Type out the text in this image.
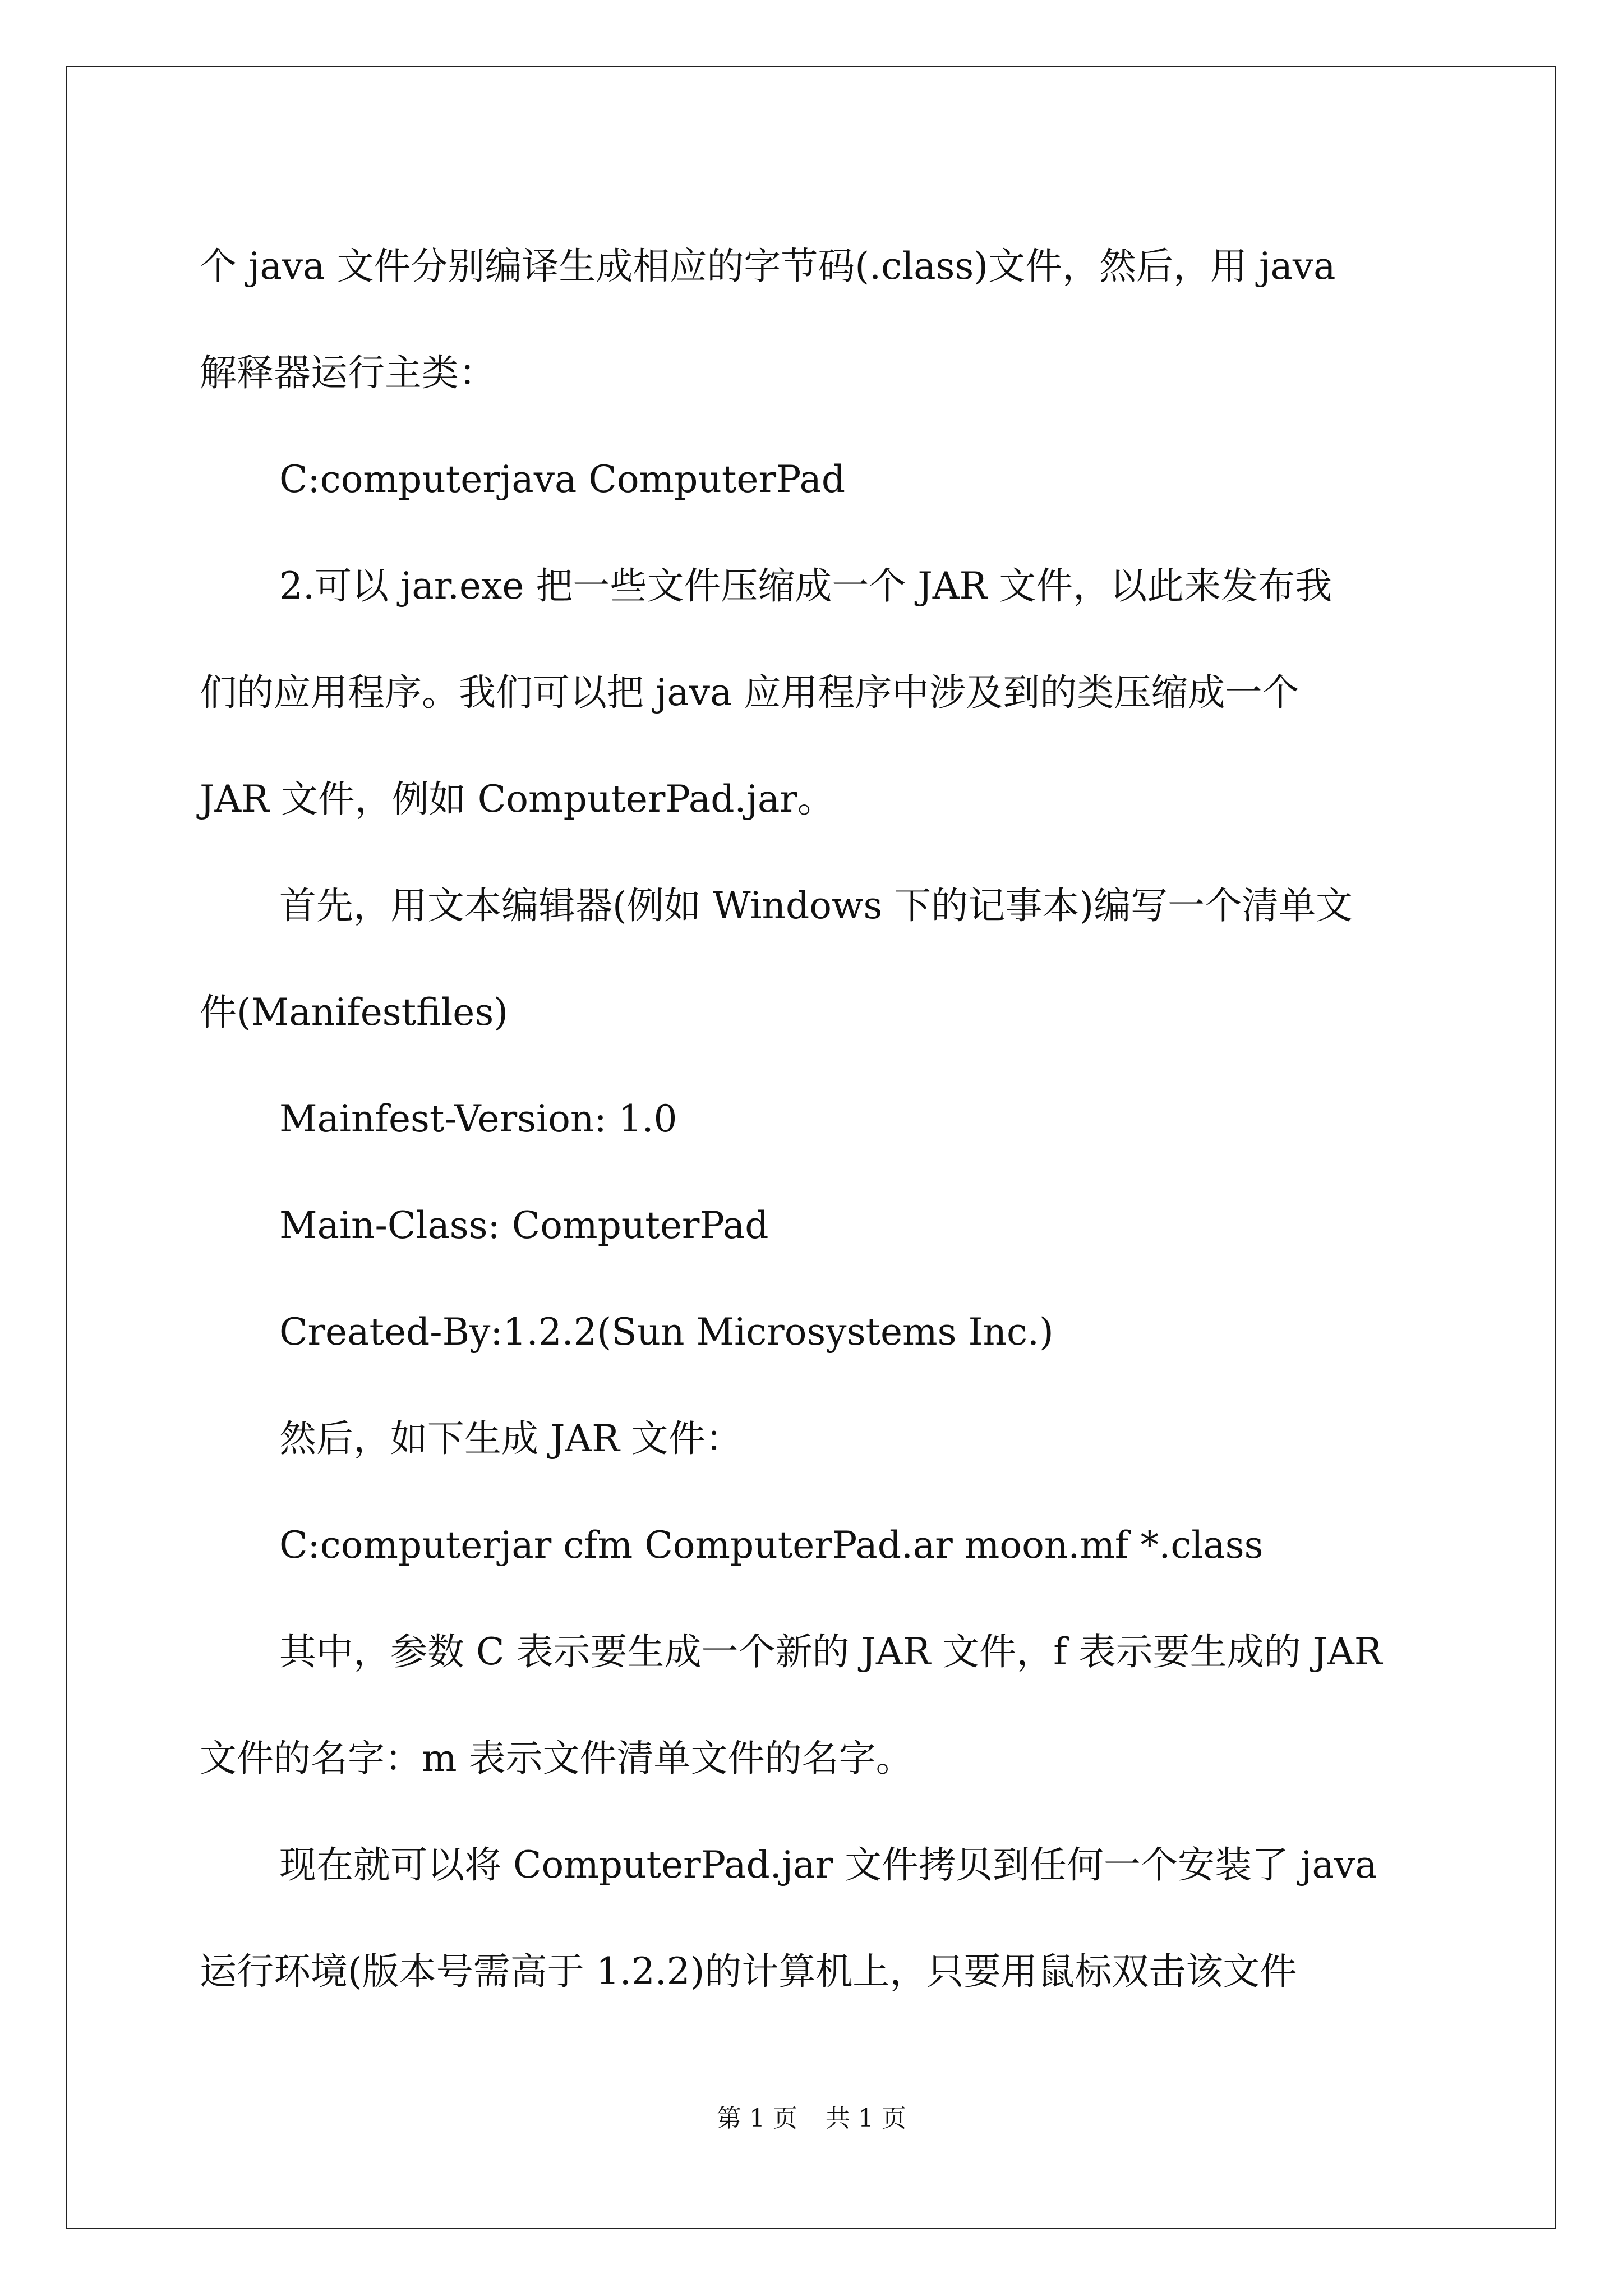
个 java 文件分别编译生成相应的字节码(.class)文件，然后，用 java
解释器运行主类：
C:computerjava ComputerPad
2.可以 jar.exe 把一些文件压缩成一个 JAR 文件，以此来发布我
们的应用程序。我们可以把 java 应用程序中涉及到的类压缩成一个
JAR 文件，例如 ComputerPad.jar。
首先，用文本编辑器(例如 Windows 下的记事本)编写一个清单文
件(Manifestfiles)
Mainfest-Version: 1.0
Main-Class: ComputerPad
Created-By:1.2.2(Sun Microsystems Inc.)
然后，如下生成 JAR 文件：
C:computerjar cfm ComputerPad.ar moon.mf *.class
其中，参数 C 表示要生成一个新的 JAR 文件，f 表示要生成的 JAR
文件的名字：m 表示文件清单文件的名字。
现在就可以将 ComputerPad.jar 文件拷贝到任何一个安装了 java
运行环境(版本号需高于 1.2.2)的计算机上，只要用鼠标双击该文件
第 1 页 共 1 页
